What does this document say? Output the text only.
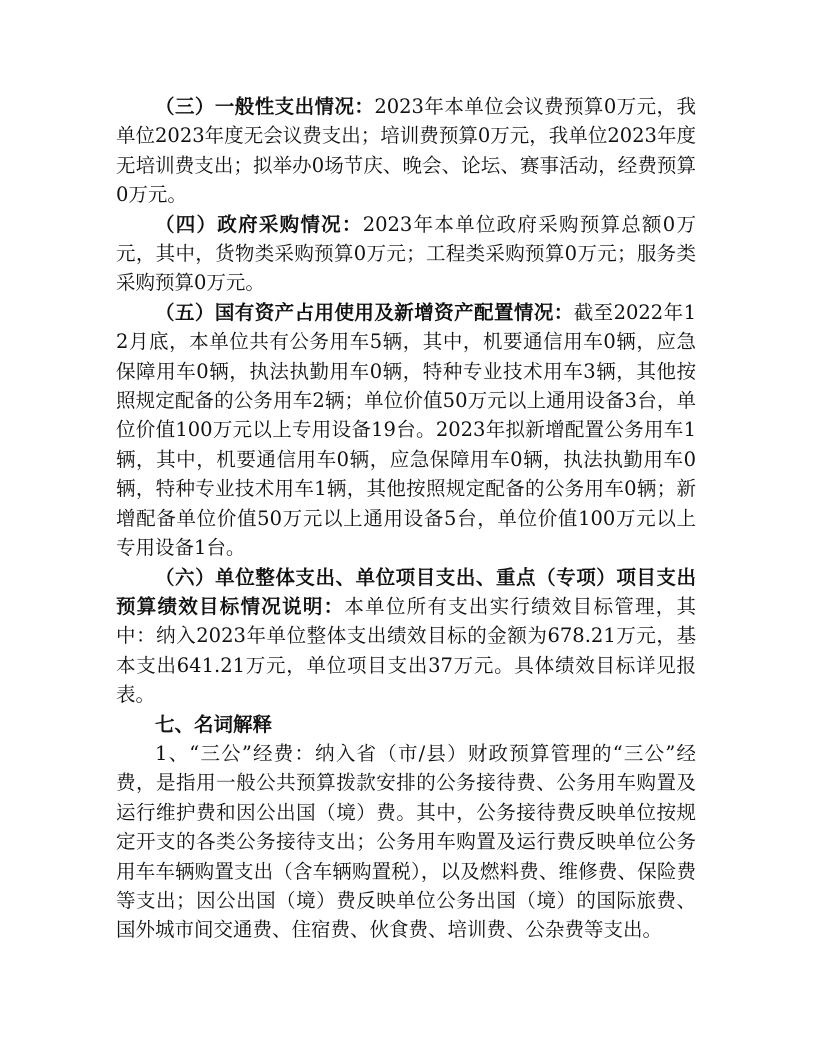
（三）一般性支出情况：2023年本单位会议费预算0万元，我单位2023年度无会议费支出；培训费预算0万元，我单位2023年度无培训费支出；拟举办0场节庆、晚会、论坛、赛事活动，经费预算0万元。

（四）政府采购情况：2023年本单位政府采购预算总额0万元，其中，货物类采购预算0万元；工程类采购预算0万元；服务类采购预算0万元。

（五）国有资产占用使用及新增资产配置情况：截至2022年12月底，本单位共有公务用车5辆，其中，机要通信用车0辆，应急保障用车0辆，执法执勤用车0辆，特种专业技术用车3辆，其他按照规定配备的公务用车2辆；单位价值50万元以上通用设备3台，单位价值100万元以上专用设备19台。2023年拟新增配置公务用车1辆，其中，机要通信用车0辆，应急保障用车0辆，执法执勤用车0辆，特种专业技术用车1辆，其他按照规定配备的公务用车0辆；新增配备单位价值50万元以上通用设备5台，单位价值100万元以上专用设备1台。

（六）单位整体支出、单位项目支出、重点（专项）项目支出预算绩效目标情况说明：本单位所有支出实行绩效目标管理，其中：纳入2023年单位整体支出绩效目标的金额为678.21万元，基本支出641.21万元，单位项目支出37万元。具体绩效目标详见报表。

七、名词解释

1、“三公”经费：纳入省（市/县）财政预算管理的“三公”经费，是指用一般公共预算拨款安排的公务接待费、公务用车购置及运行维护费和因公出国（境）费。其中，公务接待费反映单位按规定开支的各类公务接待支出；公务用车购置及运行费反映单位公务用车车辆购置支出（含车辆购置税），以及燃料费、维修费、保险费等支出；因公出国（境）费反映单位公务出国（境）的国际旅费、国外城市间交通费、住宿费、伙食费、培训费、公杂费等支出。
